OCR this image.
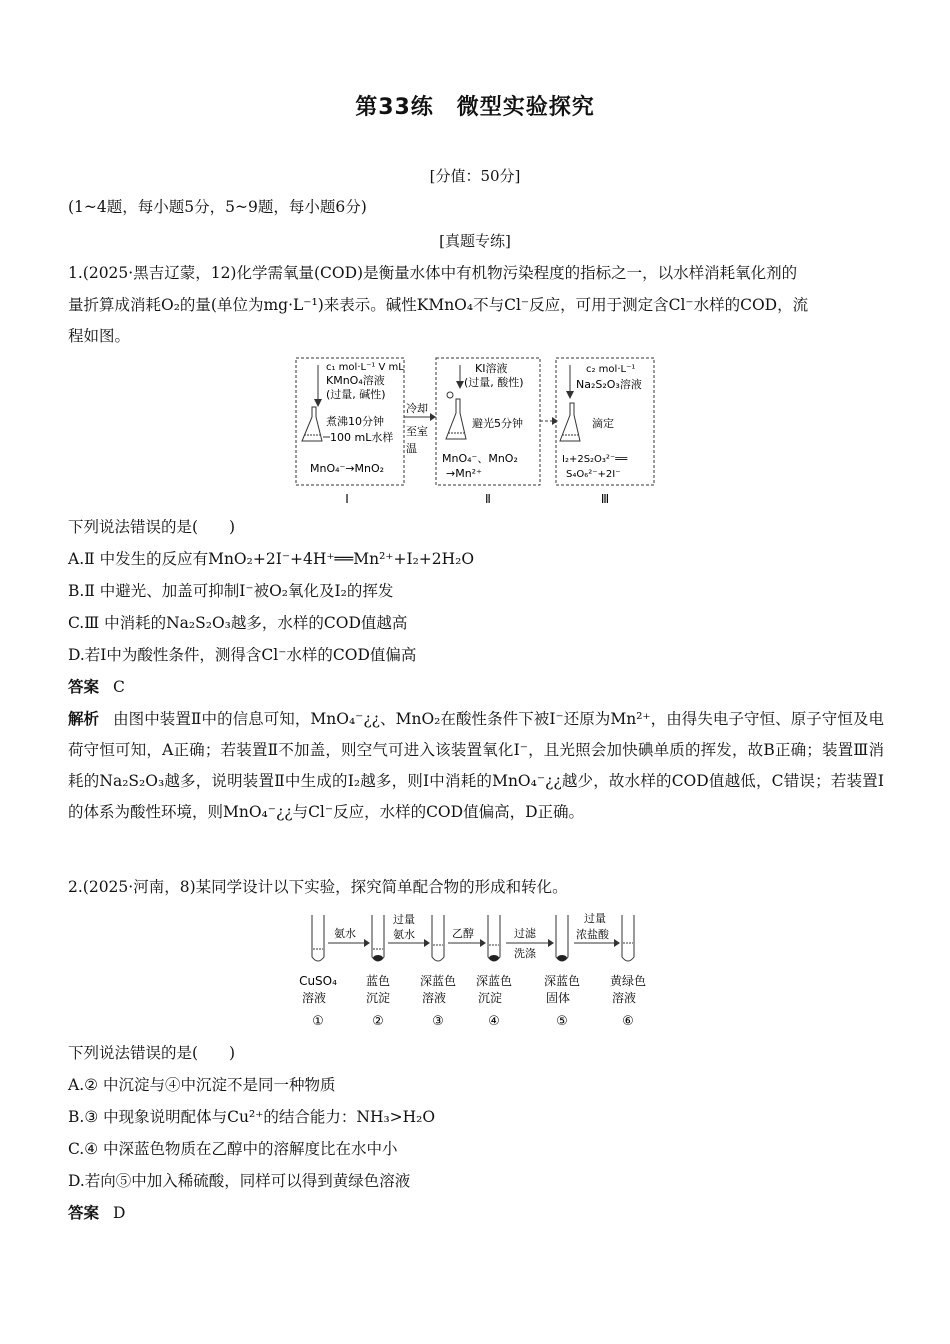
第33练　微型实验探究
[分值：50分]
(1~4题，每小题5分，5~9题，每小题6分)
[真题专练]
1.(2025·黑吉辽蒙，12)化学需氧量(COD)是衡量水体中有机物污染程度的指标之一，以水样消耗氧化剂的
量折算成消耗O₂的量(单位为mg·L⁻¹)来表示。碱性KMnO₄不与Cl⁻反应，可用于测定含Cl⁻水样的COD，流
程如图。
c₁ mol·L⁻¹ V mL
KMnO₄溶液
(过量, 碱性)
煮沸10分钟
100 mL水样
MnO₄⁻→MnO₂
Ⅰ
冷却
至室
温
KI溶液
(过量, 酸性)
避光5分钟
MnO₄⁻、MnO₂
→Mn²⁺
Ⅱ
c₂ mol·L⁻¹
Na₂S₂O₃溶液
滴定
I₂+2S₂O₃²⁻══
S₄O₆²⁻+2I⁻
Ⅲ
下列说法错误的是(　　)
A.Ⅱ 中发生的反应有MnO₂+2I⁻+4H⁺══Mn²⁺+I₂+2H₂O
B.Ⅱ 中避光、加盖可抑制I⁻被O₂氧化及I₂的挥发
C.Ⅲ 中消耗的Na₂S₂O₃越多，水样的COD值越高
D.若Ⅰ中为酸性条件，测得含Cl⁻水样的COD值偏高
答案 C
解析 由图中装置Ⅱ中的信息可知，MnO₄⁻¿¿、MnO₂在酸性条件下被I⁻还原为Mn²⁺，由得失电子守恒、原子守恒及电荷守恒可知，A正确；若装置Ⅱ不加盖，则空气可进入该装置氧化I⁻，且光照会加快碘单质的挥发，故B正确；装置Ⅲ消耗的Na₂S₂O₃越多，说明装置Ⅱ中生成的I₂越多，则Ⅰ中消耗的MnO₄⁻¿¿越少，故水样的COD值越低，C错误；若装置Ⅰ的体系为酸性环境，则MnO₄⁻¿¿与Cl⁻反应，水样的COD值偏高，D正确。
2.(2025·河南，8)某同学设计以下实验，探究简单配合物的形成和转化。
氨水
过量
氨水	乙醇	过滤
洗涤
过量
浓盐酸
CuSO₄
溶液
①
蓝色
沉淀
②
深蓝色
溶液
③
深蓝色
沉淀
④
深蓝色
固体
⑤
黄绿色
溶液
⑥
下列说法错误的是(　　)
A.② 中沉淀与④中沉淀不是同一种物质
B.③ 中现象说明配体与Cu²⁺的结合能力：NH₃>H₂O
C.④ 中深蓝色物质在乙醇中的溶解度比在水中小
D.若向⑤中加入稀硫酸，同样可以得到黄绿色溶液
答案 D
